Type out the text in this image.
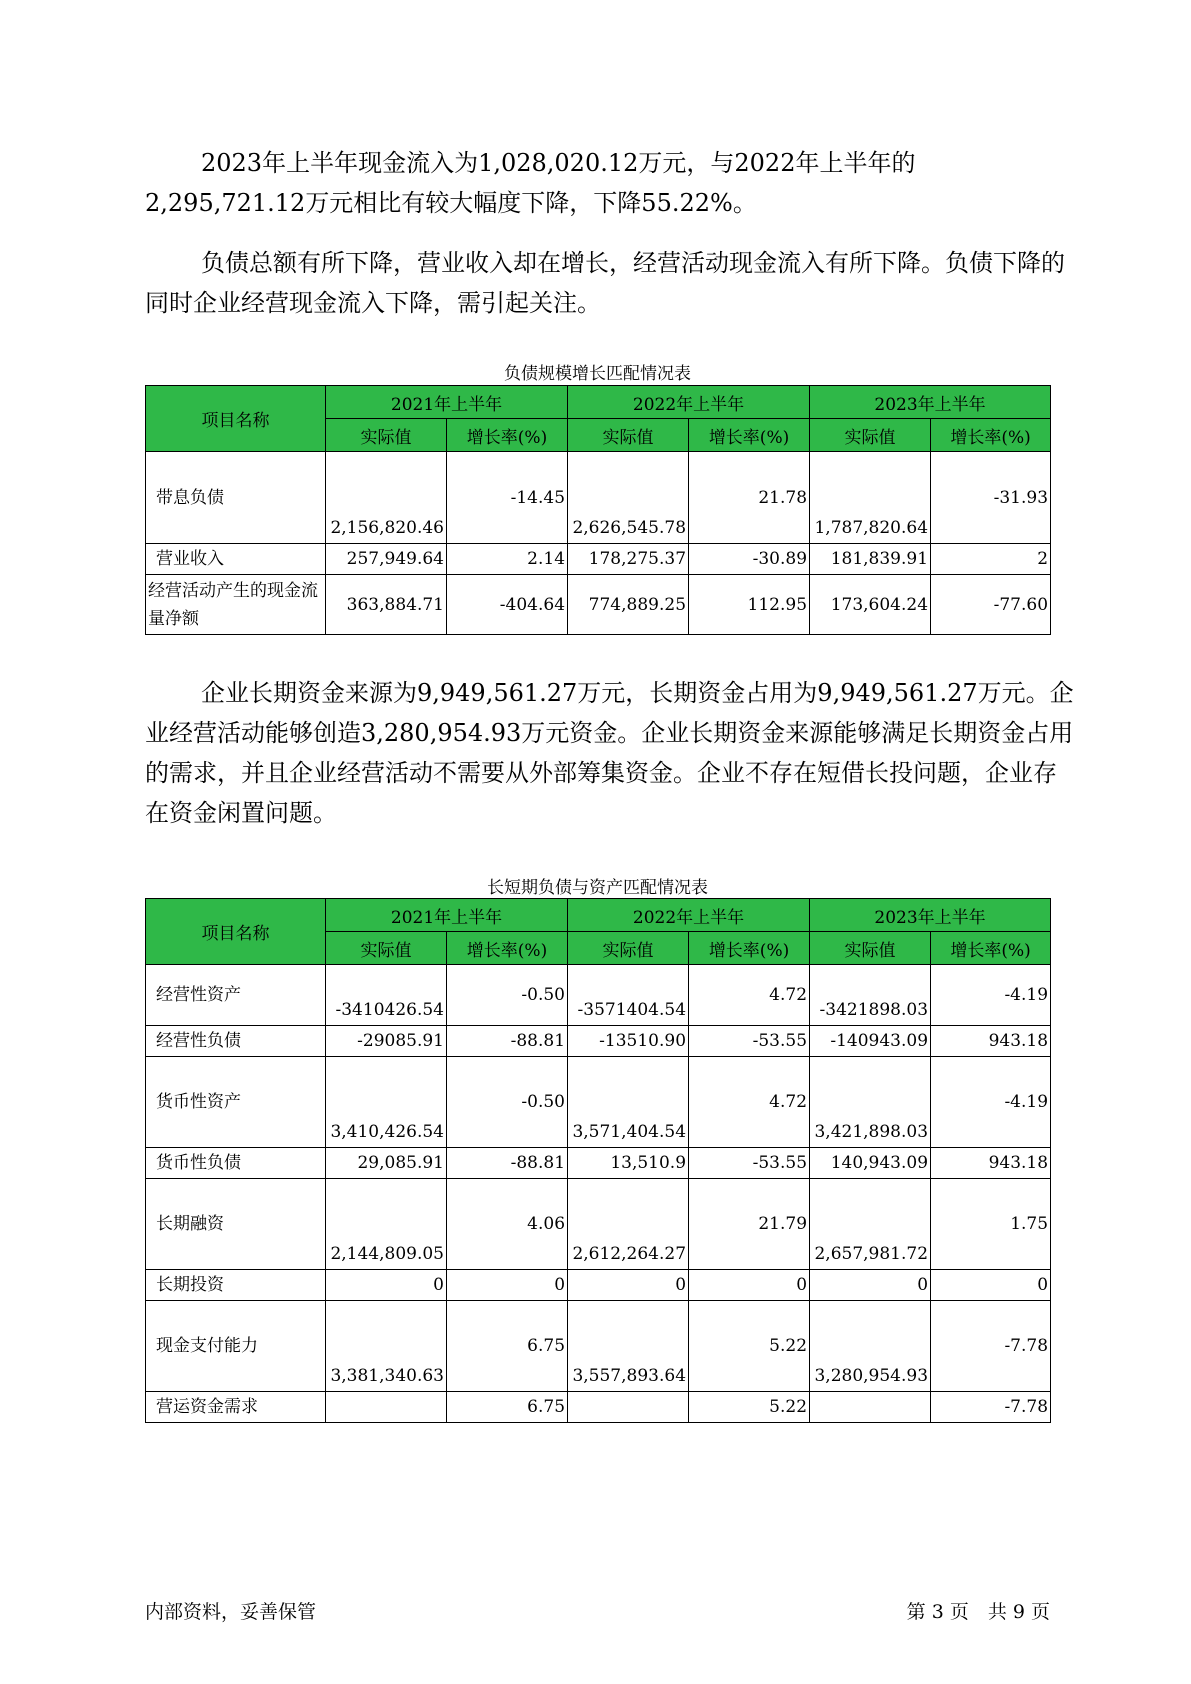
2023年上半年现金流入为1,028,020.12万元，与2022年上半年的2,295,721.12万元相比有较大幅度下降，下降55.22%。

负债总额有所下降，营业收入却在增长，经营活动现金流入有所下降。负债下降的同时企业经营现金流入下降，需引起关注。

负债规模增长匹配情况表

项目名称	2021年上半年		2022年上半年		2023年上半年	
	实际值	增长率(%)	实际值	增长率(%)	实际值	增长率(%)
带息负债	2,156,820.46	-14.45	2,626,545.78	21.78	1,787,820.64	-31.93
营业收入	257,949.64	2.14	178,275.37	-30.89	181,839.91	2
经营活动产生的现金流量净额	363,884.71	-404.64	774,889.25	112.95	173,604.24	-77.60

企业长期资金来源为9,949,561.27万元，长期资金占用为9,949,561.27万元。企业经营活动能够创造3,280,954.93万元资金。企业长期资金来源能够满足长期资金占用的需求，并且企业经营活动不需要从外部筹集资金。企业不存在短借长投问题，企业存在资金闲置问题。

长短期负债与资产匹配情况表

项目名称	2021年上半年		2022年上半年		2023年上半年	
	实际值	增长率(%)	实际值	增长率(%)	实际值	增长率(%)
经营性资产	-3410426.54	-0.50	-3571404.54	4.72	-3421898.03	-4.19
经营性负债	-29085.91	-88.81	-13510.90	-53.55	-140943.09	943.18
货币性资产	3,410,426.54	-0.50	3,571,404.54	4.72	3,421,898.03	-4.19
货币性负债	29,085.91	-88.81	13,510.9	-53.55	140,943.09	943.18
长期融资	2,144,809.05	4.06	2,612,264.27	21.79	2,657,981.72	1.75
长期投资	0	0	0	0	0	0
现金支付能力	3,381,340.63	6.75	3,557,893.64	5.22	3,280,954.93	-7.78
营运资金需求		6.75		5.22		-7.78

内部资料，妥善保管	第 3 页　共 9 页
